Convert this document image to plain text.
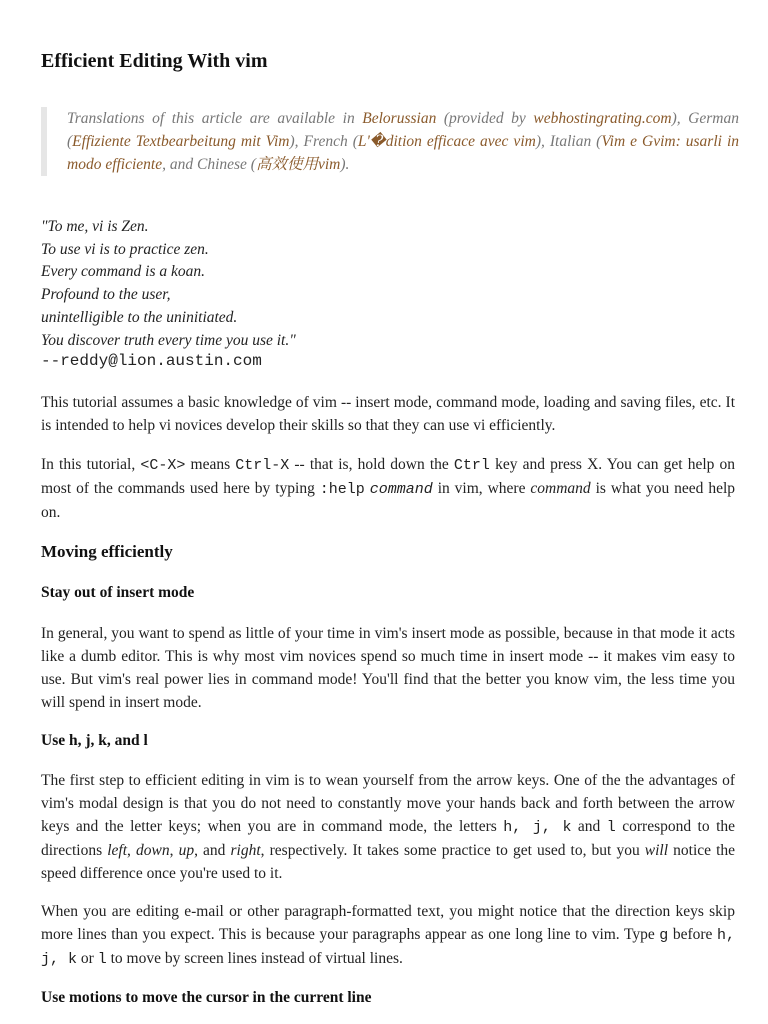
Efficient Editing With vim
Translations of this article are available in Belorussian (provided by webhostingrating.com), German (Effiziente Textbearbeitung mit Vim), French (L'�dition efficace avec vim), Italian (Vim e Gvim: usarli in modo efficiente, and Chinese (高效使用vim).
"To me, vi is Zen.
To use vi is to practice zen.
Every command is a koan.
Profound to the user,
unintelligible to the uninitiated.
You discover truth every time you use it."
--reddy@lion.austin.com

This tutorial assumes a basic knowledge of vim -- insert mode, command mode, loading and saving files, etc. It is intended to help vi novices develop their skills so that they can use vi efficiently.

In this tutorial, <C-X> means Ctrl-X -- that is, hold down the Ctrl key and press X. You can get help on most of the commands used here by typing :help command in vim, where command is what you need help on.

Moving efficiently
Stay out of insert mode

In general, you want to spend as little of your time in vim's insert mode as possible, because in that mode it acts like a dumb editor. This is why most vim novices spend so much time in insert mode -- it makes vim easy to use. But vim's real power lies in command mode! You'll find that the better you know vim, the less time you will spend in insert mode.

Use h, j, k, and l

The first step to efficient editing in vim is to wean yourself from the arrow keys. One of the the advantages of vim's modal design is that you do not need to constantly move your hands back and forth between the arrow keys and the letter keys; when you are in command mode, the letters h, j, k and l correspond to the directions left, down, up, and right, respectively. It takes some practice to get used to, but you will notice the speed difference once you're used to it.

When you are editing e-mail or other paragraph-formatted text, you might notice that the direction keys skip more lines than you expect. This is because your paragraphs appear as one long line to vim. Type g before h, j, k or l to move by screen lines instead of virtual lines.

Use motions to move the cursor in the current line
